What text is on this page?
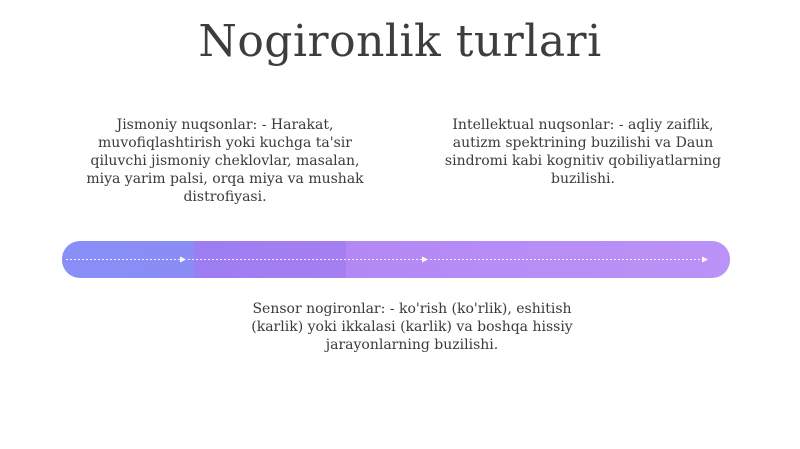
Nogironlik turlari
Jismoniy nuqsonlar: - Harakat, muvofiqlashtirish yoki kuchga ta'sir qiluvchi jismoniy cheklovlar, masalan, miya yarim palsi, orqa miya va mushak distrofiyasi.
Intellektual nuqsonlar: - aqliy zaiflik, autizm spektrining buzilishi va Daun sindromi kabi kognitiv qobiliyatlarning buzilishi.
Sensor nogironlar: - ko'rish (ko'rlik), eshitish (karlik) yoki ikkalasi (karlik) va boshqa hissiy jarayonlarning buzilishi.
